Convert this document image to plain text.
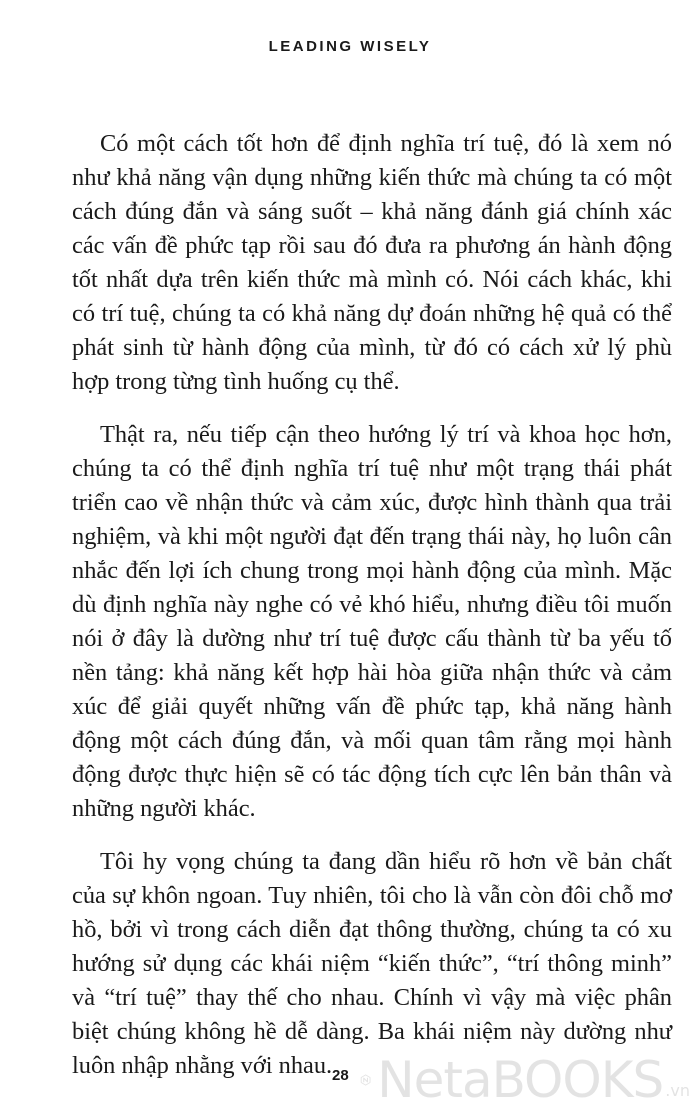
LEADING WISELY

Có một cách tốt hơn để định nghĩa trí tuệ, đó là xem nó như khả năng vận dụng những kiến thức mà chúng ta có một cách đúng đắn và sáng suốt – khả năng đánh giá chính xác các vấn đề phức tạp rồi sau đó đưa ra phương án hành động tốt nhất dựa trên kiến thức mà mình có. Nói cách khác, khi có trí tuệ, chúng ta có khả năng dự đoán những hệ quả có thể phát sinh từ hành động của mình, từ đó có cách xử lý phù hợp trong từng tình huống cụ thể.

Thật ra, nếu tiếp cận theo hướng lý trí và khoa học hơn, chúng ta có thể định nghĩa trí tuệ như một trạng thái phát triển cao về nhận thức và cảm xúc, được hình thành qua trải nghiệm, và khi một người đạt đến trạng thái này, họ luôn cân nhắc đến lợi ích chung trong mọi hành động của mình. Mặc dù định nghĩa này nghe có vẻ khó hiểu, nhưng điều tôi muốn nói ở đây là dường như trí tuệ được cấu thành từ ba yếu tố nền tảng: khả năng kết hợp hài hòa giữa nhận thức và cảm xúc để giải quyết những vấn đề phức tạp, khả năng hành động một cách đúng đắn, và mối quan tâm rằng mọi hành động được thực hiện sẽ có tác động tích cực lên bản thân và những người khác.

Tôi hy vọng chúng ta đang dần hiểu rõ hơn về bản chất của sự khôn ngoan. Tuy nhiên, tôi cho là vẫn còn đôi chỗ mơ hồ, bởi vì trong cách diễn đạt thông thường, chúng ta có xu hướng sử dụng các khái niệm “kiến thức”, “trí thông minh” và “trí tuệ” thay thế cho nhau. Chính vì vậy mà việc phân biệt chúng không hề dễ dàng. Ba khái niệm này dường như luôn nhập nhằng với nhau. 28 NetaBOOKS .vn
